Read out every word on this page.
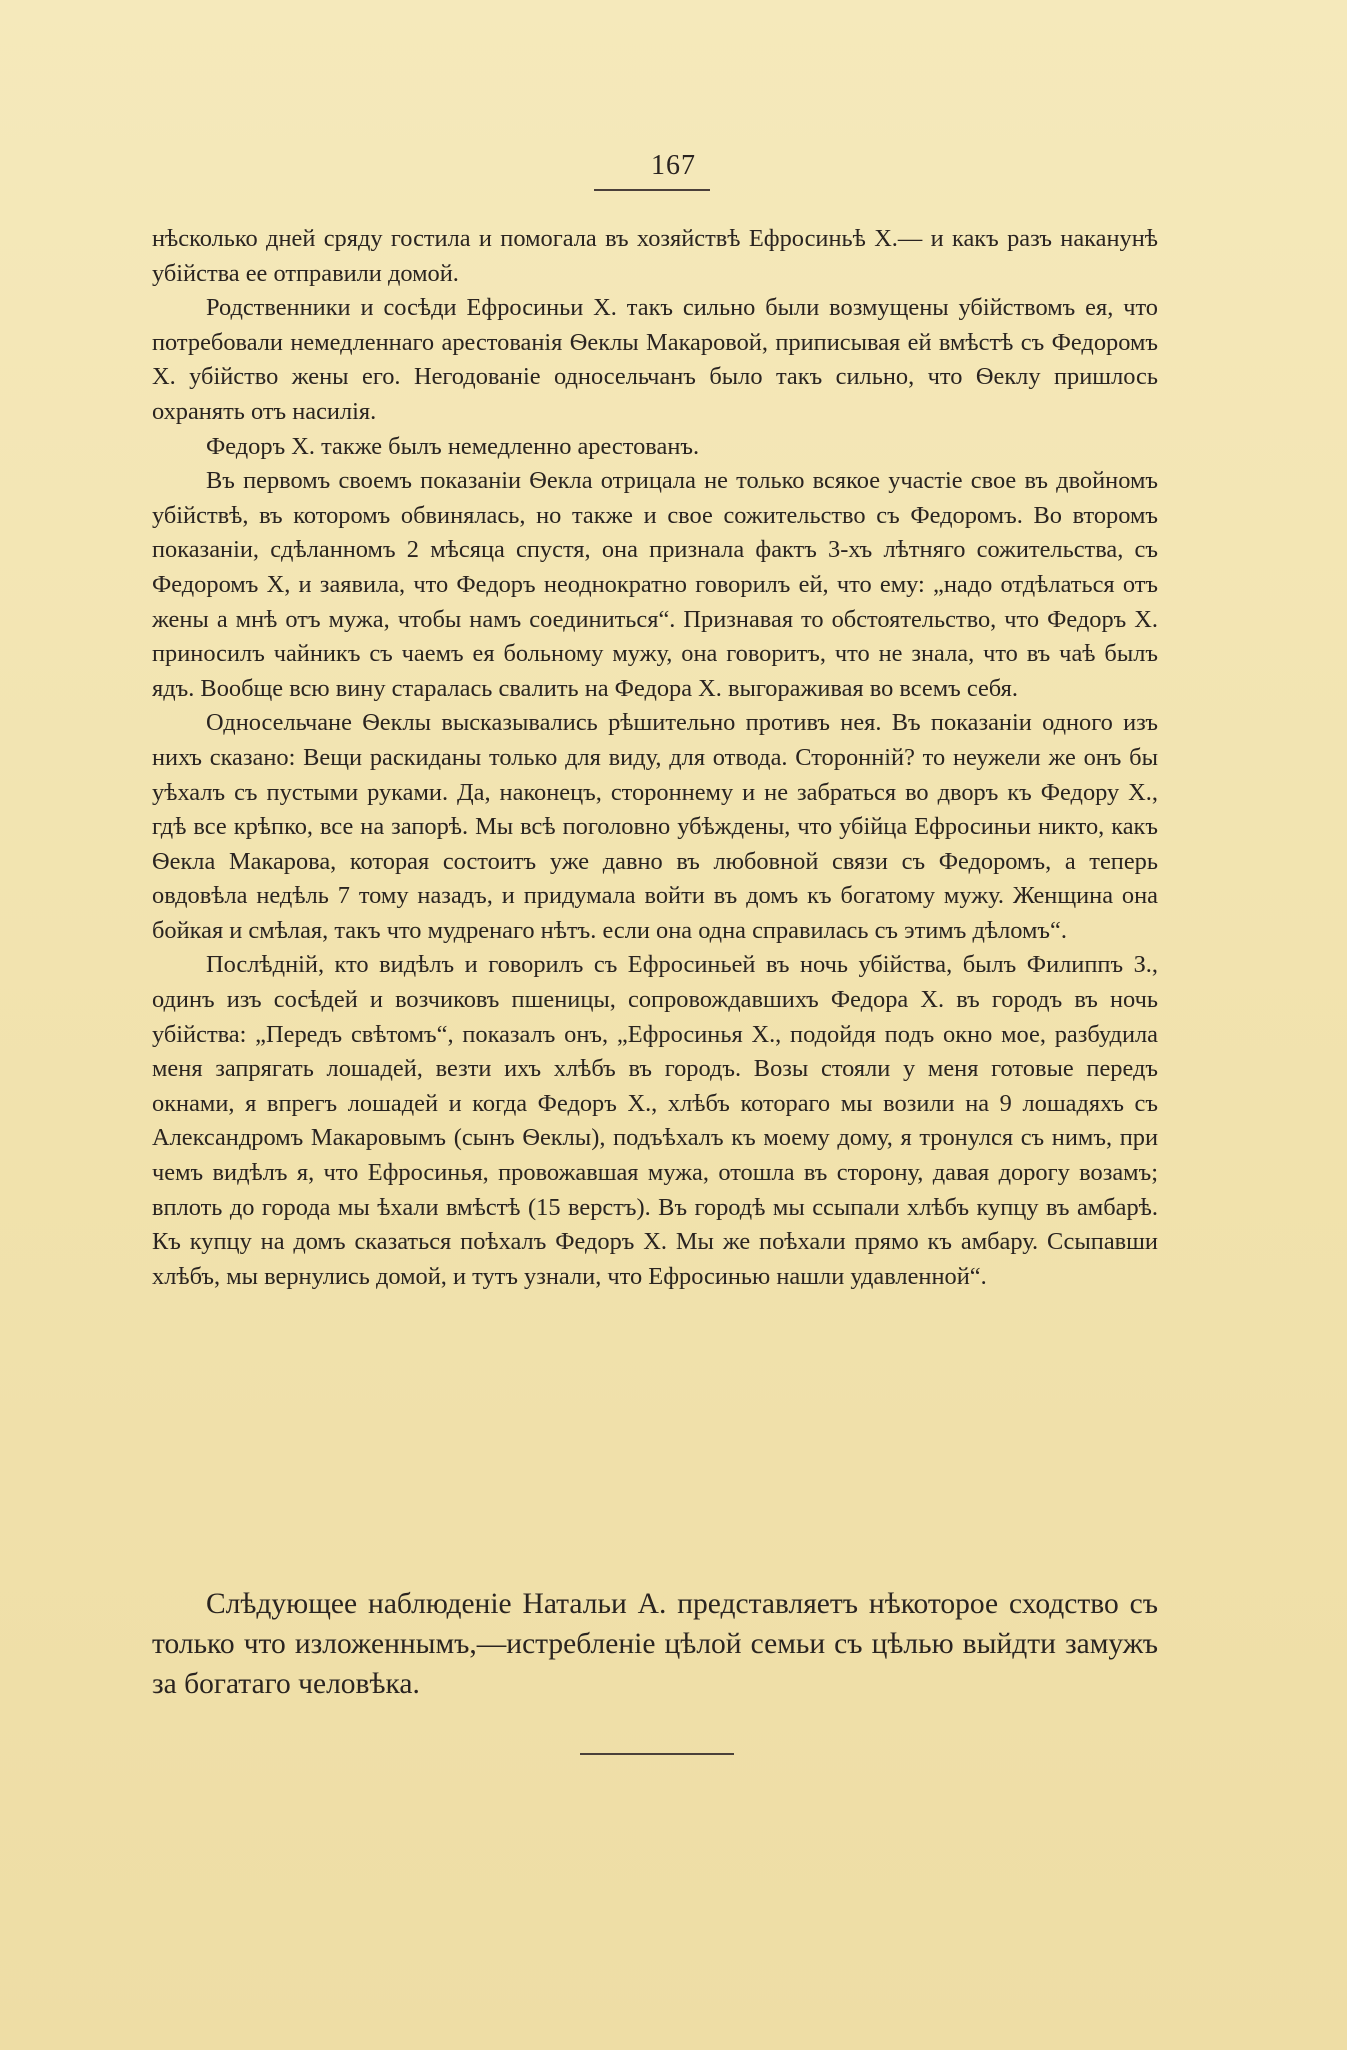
167

нѣсколько дней сряду гостила и помогала въ хозяйствѣ Ефросиньѣ Х.— и какъ разъ наканунѣ убійства ее отправили домой.

Родственники и сосѣди Ефросиньи Х. такъ сильно были возмущены убійствомъ ея, что потребовали немедленнаго арестованія Ѳеклы Макаровой, приписывая ей вмѣстѣ съ Федоромъ Х. убійство жены его. Негодованіе односельчанъ было такъ сильно, что Ѳеклу пришлось охранять отъ насилія.

Федоръ Х. также былъ немедленно арестованъ.

Въ первомъ своемъ показаніи Ѳекла отрицала не только всякое участіе свое въ двойномъ убійствѣ, въ которомъ обвинялась, но также и свое сожительство съ Федоромъ. Во второмъ показаніи, сдѣланномъ 2 мѣсяца спустя, она признала фактъ 3-хъ лѣтняго сожительства, съ Федоромъ Х, и заявила, что Федоръ неоднократно говорилъ ей, что ему: „надо отдѣлаться отъ жены а мнѣ отъ мужа, чтобы намъ соединиться“. Признавая то обстоятельство, что Федоръ Х. приносилъ чайникъ съ чаемъ ея больному мужу, она говоритъ, что не знала, что въ чаѣ былъ ядъ. Вообще всю вину старалась свалить на Федора Х. выгораживая во всемъ себя.

Односельчане Ѳеклы высказывались рѣшительно противъ нея. Въ показаніи одного изъ нихъ сказано: Вещи раскиданы только для виду, для отвода. Сторонній? то неужели же онъ бы уѣхалъ съ пустыми руками. Да, наконецъ, стороннему и не забраться во дворъ къ Федору Х., гдѣ все крѣпко, все на запорѣ. Мы всѣ поголовно убѣждены, что убійца Ефросиньи никто, какъ Ѳекла Макарова, которая состоитъ уже давно въ любовной связи съ Федоромъ, а теперь овдовѣла недѣль 7 тому назадъ, и придумала войти въ домъ къ богатому мужу. Женщина она бойкая и смѣлая, такъ что мудренаго нѣтъ. если она одна справилась съ этимъ дѣломъ“.

Послѣдній, кто видѣлъ и говорилъ съ Ефросиньей въ ночь убійства, былъ Филиппъ З., одинъ изъ сосѣдей и возчиковъ пшеницы, сопровождавшихъ Федора Х. въ городъ въ ночь убійства: „Передъ свѣтомъ“, показалъ онъ, „Ефросинья Х., подойдя подъ окно мое, разбудила меня запрягать лошадей, везти ихъ хлѣбъ въ городъ. Возы стояли у меня готовые передъ окнами, я впрегъ лошадей и когда Федоръ Х., хлѣбъ котораго мы возили на 9 лошадяхъ съ Александромъ Макаровымъ (сынъ Ѳеклы), подъѣхалъ къ моему дому, я тронулся съ нимъ, при чемъ видѣлъ я, что Ефросинья, провожавшая мужа, отошла въ сторону, давая дорогу возамъ; вплоть до города мы ѣхали вмѣстѣ (15 верстъ). Въ городѣ мы ссыпали хлѣбъ купцу въ амбарѣ. Къ купцу на домъ сказаться поѣхалъ Федоръ Х. Мы же поѣхали прямо къ амбару. Ссыпавши хлѣбъ, мы вернулись домой, и тутъ узнали, что Ефросинью нашли удавленной“.

Слѣдующее наблюденіе Натальи А. представляетъ нѣкоторое сходство съ только что изложеннымъ,—истребленіе цѣлой семьи съ цѣлью выйдти замужъ за богатаго человѣка.
